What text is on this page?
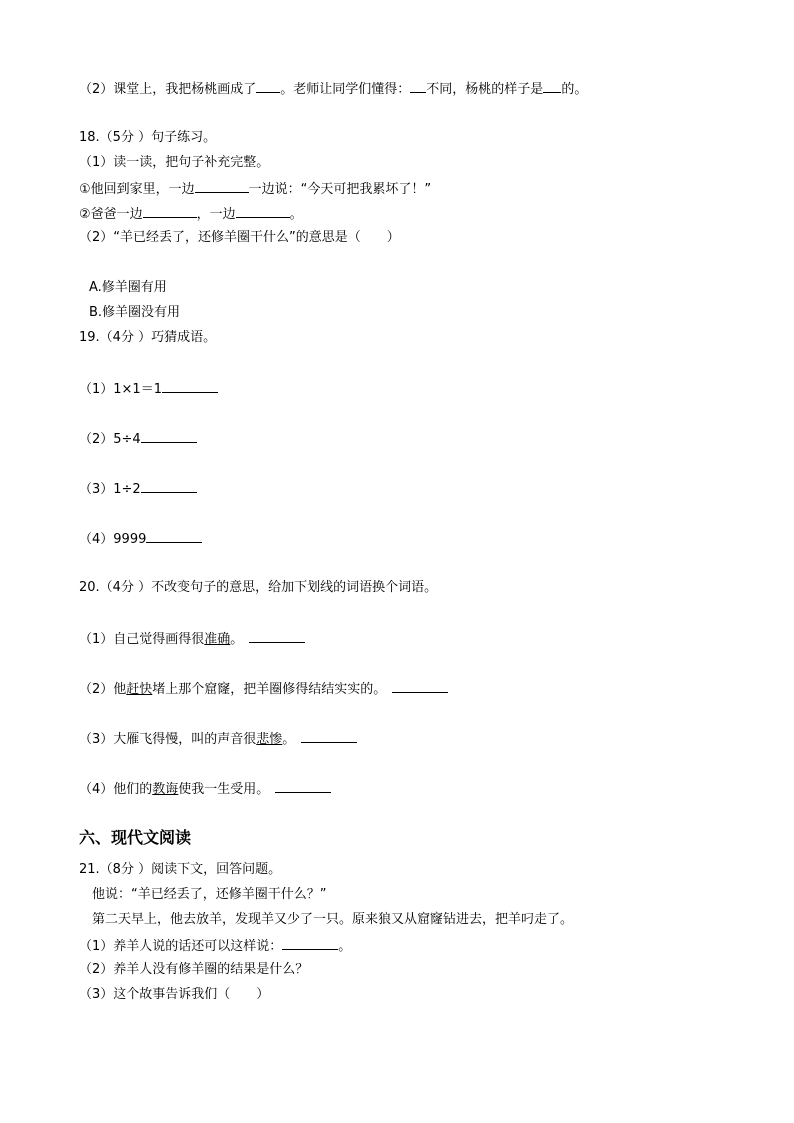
（2）课堂上，我把杨桃画成了 。老师让同学们懂得： 不同，杨桃的样子是 的。
18.（5分 ）句子练习。
（1）读一读，把句子补充完整。
①他回到家里，一边	一边说：“今天可把我累坏了！”
②爸爸一边	，一边	。
（2）“羊已经丢了，还修羊圈干什么”的意思是（　　）
A.修羊圈有用
B.修羊圈没有用
19.（4分 ）巧猜成语。
（1）1×1＝1
（2）5÷4
（3）1÷2
（4）9999
20.（4分 ）不改变句子的意思，给加下划线的词语换个词语。
（1）自己觉得画得很准确。
（2）他赶快堵上那个窟窿，把羊圈修得结结实实的。
（3）大雁飞得慢，叫的声音很悲惨。
（4）他们的教诲使我一生受用。
六、现代文阅读
21.（8分 ）阅读下文，回答问题。
他说：“羊已经丢了，还修羊圈干什么？”
第二天早上，他去放羊，发现羊又少了一只。原来狼又从窟窿钻进去，把羊叼走了。
（1）养羊人说的话还可以这样说：	。
（2）养羊人没有修羊圈的结果是什么？
（3）这个故事告诉我们（　　）
